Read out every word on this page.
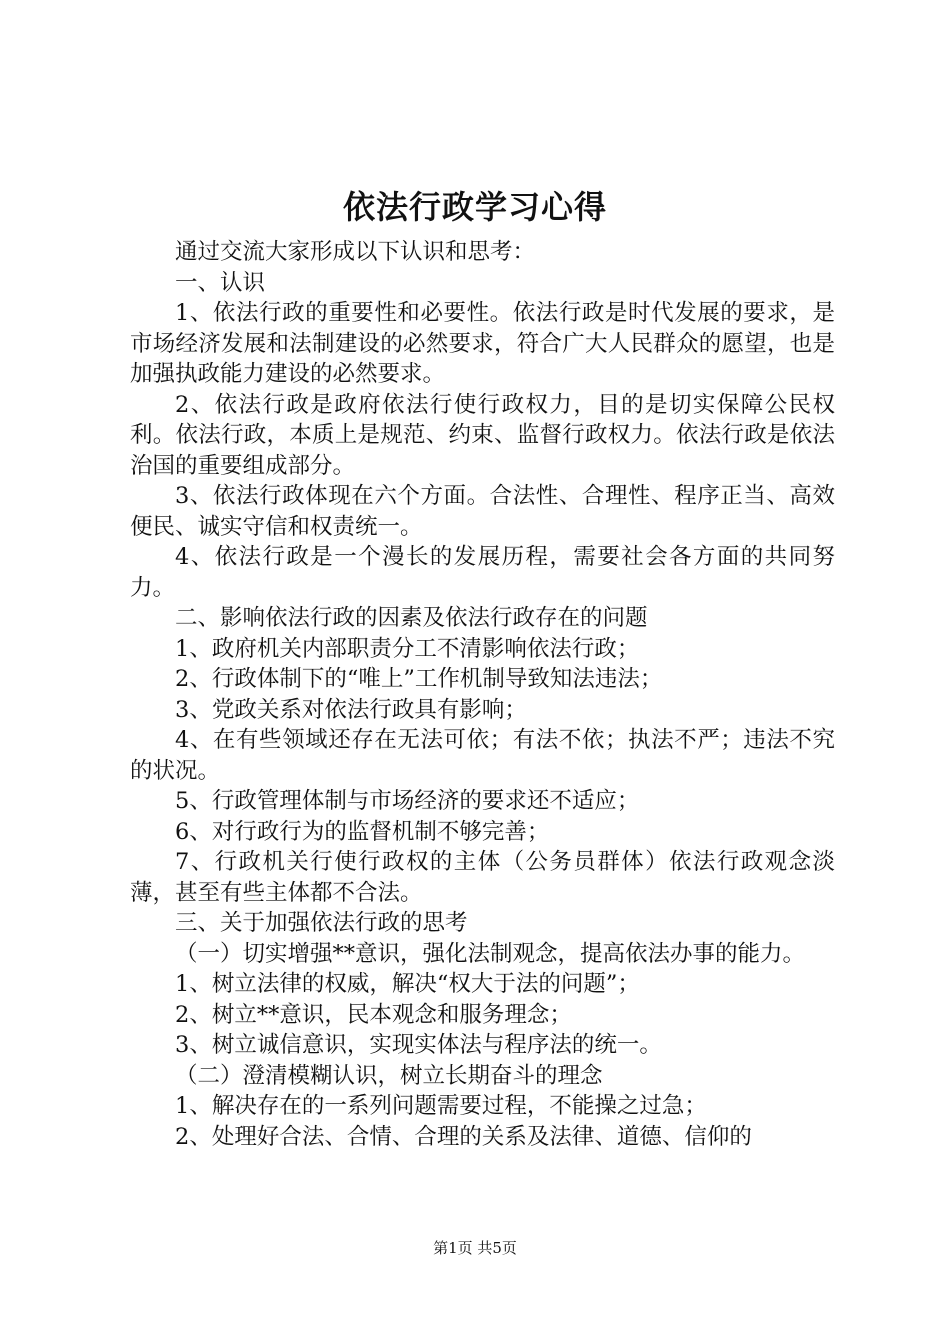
依法行政学习心得

通过交流大家形成以下认识和思考：

一、认识

1、依法行政的重要性和必要性。依法行政是时代发展的要求，是市场经济发展和法制建设的必然要求，符合广大人民群众的愿望，也是加强执政能力建设的必然要求。

2、依法行政是政府依法行使行政权力，目的是切实保障公民权利。依法行政，本质上是规范、约束、监督行政权力。依法行政是依法治国的重要组成部分。

3、依法行政体现在六个方面。合法性、合理性、程序正当、高效便民、诚实守信和权责统一。

4、依法行政是一个漫长的发展历程，需要社会各方面的共同努力。

二、影响依法行政的因素及依法行政存在的问题

1、政府机关内部职责分工不清影响依法行政；

2、行政体制下的“唯上”工作机制导致知法违法；

3、党政关系对依法行政具有影响；

4、在有些领域还存在无法可依；有法不依；执法不严；违法不究的状况。

5、行政管理体制与市场经济的要求还不适应；

6、对行政行为的监督机制不够完善；

7、行政机关行使行政权的主体（公务员群体）依法行政观念淡薄，甚至有些主体都不合法。

三、关于加强依法行政的思考

（一）切实增强**意识，强化法制观念，提高依法办事的能力。

1、树立法律的权威，解决“权大于法的问题”；

2、树立**意识，民本观念和服务理念；

3、树立诚信意识，实现实体法与程序法的统一。

（二）澄清模糊认识，树立长期奋斗的理念

1、解决存在的一系列问题需要过程，不能操之过急；

2、处理好合法、合情、合理的关系及法律、道德、信仰的

第1页 共5页
